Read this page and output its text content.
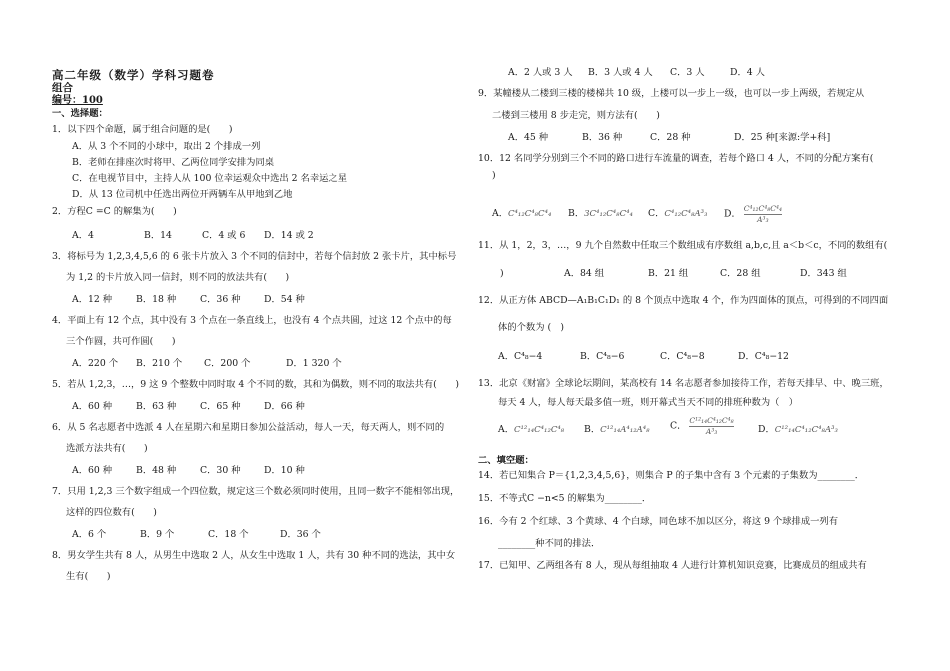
高二年级（数学）学科习题卷
组合
编号：100
一、选择题：
1．以下四个命题，属于组合问题的是(　　)
A．从 3 个不同的小球中，取出 2 个排成一列
B．老师在排座次时将甲、乙两位同学安排为同桌
C．在电视节目中，主持人从 100 位幸运观众中选出 2 名幸运之星
D．从 13 位司机中任选出两位开两辆车从甲地到乙地
2．方程C =C 的解集为(　　)
A．4	B．14	C．4 或 6 D．14 或 2
3．将标号为 1,2,3,4,5,6 的 6 张卡片放入 3 个不同的信封中，若每个信封放 2 张卡片，其中标号
为 1,2 的卡片放入同一信封，则不同的放法共有(　　)
A．12 种	B．18 种	C．36 种	D．54 种
4．平面上有 12 个点，其中没有 3 个点在一条直线上，也没有 4 个点共圆，过这 12 个点中的每
三个作圆，共可作圆(　　)
A．220 个 B．210 个 C．200 个	D．1 320 个
5．若从 1,2,3，…，9 这 9 个整数中同时取 4 个不同的数，其和为偶数，则不同的取法共有(　　)
A．60 种	B．63 种	C．65 种	D．66 种
6．从 5 名志愿者中选派 4 人在星期六和星期日参加公益活动，每人一天，每天两人，则不同的
选派方法共有(　　)
A．60 种	B．48 种	C．30 种	D．10 种
7．只用 1,2,3 三个数字组成一个四位数，规定这三个数必须同时使用，且同一数字不能相邻出现，
这样的四位数有(　　)
A．6 个	B．9 个	C．18 个	D．36 个
8．男女学生共有 8 人，从男生中选取 2 人，从女生中选取 1 人，共有 30 种不同的选法，其中女
生有(　　)
A．2 人或 3 人 B．3 人或 4 人 C．3 人	D．4 人
9．某幢楼从二楼到三楼的楼梯共 10 级，上楼可以一步上一级，也可以一步上两级，若规定从
二楼到三楼用 8 步走完，则方法有(　　)
A．45 种	B．36 种	C．28 种	D．25 种[来源:学+科]
10．12 名同学分别到三个不同的路口进行车流量的调查，若每个路口 4 人，不同的分配方案有(
)
A．C⁴₁₂C⁴₈C⁴₄ B．3C⁴₁₂C⁴₈C⁴₄ C．C⁴₁₂C⁴₈A³₃ D． $\frac{\text{C⁴₁₂C⁴₈C⁴₄}}{\text{A³₃}}$
11．从 1，2，3，…，9 九个自然数中任取三个数组成有序数组 a,b,c,且 a＜b＜c，不同的数组有(
)	A．84 组	B．21 组	C．28 组	D．343 组
12．从正方体 ABCD—A₁B₁C₁D₁ 的 8 个顶点中选取 4 个，作为四面体的顶点，可得到的不同四面
体的个数为 (　)
A．C⁴₈−4	B．C⁴₈−6	C．C⁴₈−8	D．C⁴₈−12
13．北京《财富》全球论坛期间，某高校有 14 名志愿者参加接待工作，若每天排早、中、晚三班，
每天 4 人，每人每天最多值一班，则开幕式当天不同的排班种数为（　）
A．C¹²₁₄C⁴₁₂C⁴₈ B．C¹²₁₄A⁴₁₂A⁴₈ C． $\frac{\text{C¹²₁₄C⁴₁₂C⁴₈}}{\text{A³₃}}$	D．C¹²₁₄C⁴₁₂C⁴₈A³₃
二、填空题：
14．若已知集合 P＝{1,2,3,4,5,6}，则集合 P 的子集中含有 3 个元素的子集数为________．
15．不等式C −n<5 的解集为________．
16．今有 2 个红球、3 个黄球、4 个白球，同色球不加以区分，将这 9 个球排成一列有
________种不同的排法．
17．已知甲、乙两组各有 8 人，现从每组抽取 4 人进行计算机知识竞赛，比赛成员的组成共有
